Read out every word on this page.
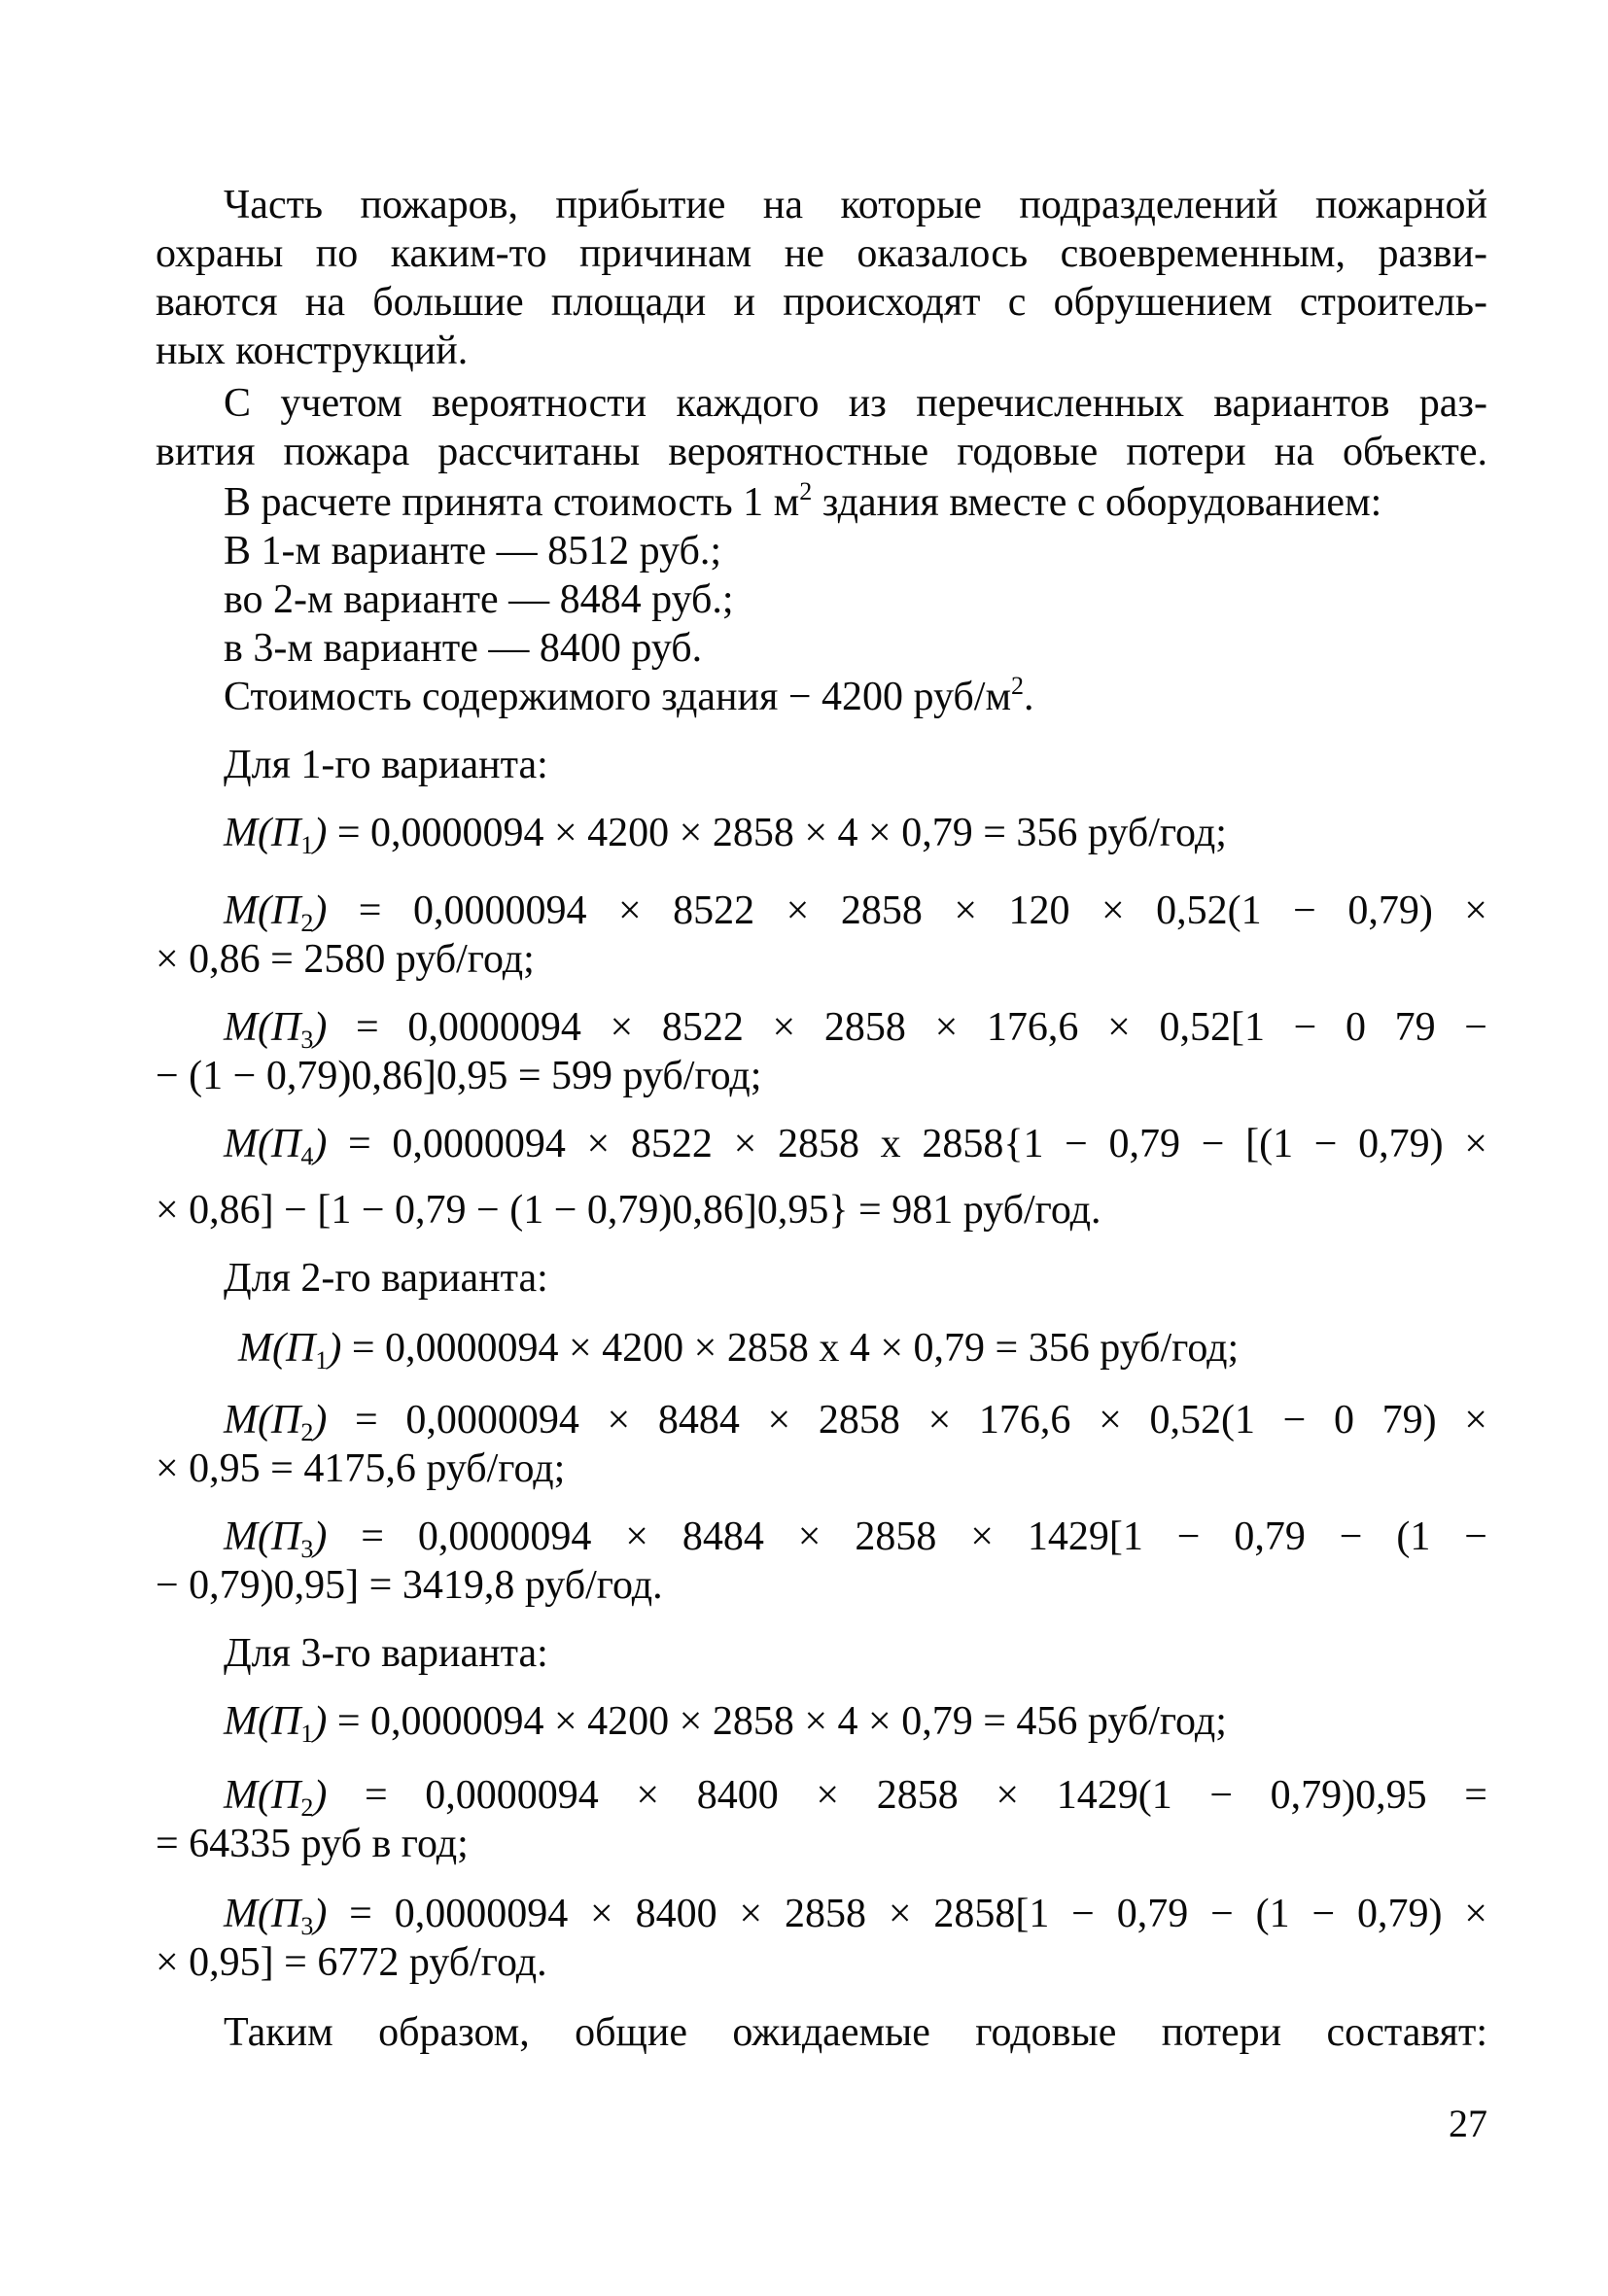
Часть пожаров, прибытие на которые подразделений пожарной
охраны по каким-то причинам не оказалось своевременным, разви-
ваются на большие площади и происходят с обрушением строитель-
ных конструкций.
С учетом вероятности каждого из перечисленных вариантов раз-
вития пожара рассчитаны вероятностные годовые потери на объекте.
В расчете принята стоимость 1 $м^2$ здания вместе с оборудованием:
В 1-м варианте — 8512 руб.;
во 2-м варианте — 8484 руб.;
в 3-м варианте — 8400 руб.
Стоимость содержимого здания − 4200 руб/$м^2$.
Для 1-го варианта:
$M(П_1) = 0,0000094 \times 4200 \times 2858 \times 4 \times 0,79 = 356$ руб/год;
$M(П_2) = 0,0000094 \times 8522 \times 2858 \times 120 \times 0,52(1 - 0,79)$ ×
× 0,86 = 2580 руб/год;
$M(П_3) = 0,0000094 \times 8522 \times 2858 \times 176,6 \times 0,52[1 - 0$ 79 −
− (1 − 0,79)0,86]0,95 = 599 руб/год;
$M(П_4) = 0,0000094 \times 8522 \times 2858$ x 2858{1 − 0,79 − [(1 − 0,79) ×
× 0,86] − [1 − 0,79 − (1 − 0,79)0,86]0,95} = 981 руб/год.
Для 2-го варианта:
$M(П_1) = 0,0000094 \times 4200 \times 2858$ x 4 × 0,79 = 356 руб/год;
$M(П_2) = 0,0000094 \times 8484 \times 2858 \times 176,6 \times 0,52(1 - 0$ 79) ×
× 0,95 = 4175,6 руб/год;
$M(П_3) = 0,0000094 \times 8484 \times 2858 \times 1429[1 - 0,79 - (1$ −
− 0,79)0,95] = 3419,8 руб/год.
Для 3-го варианта:
$M(П_1) = 0,0000094 \times 4200 \times 2858 \times 4 \times 0,79 = 456$ руб/год;
$M(П_2) = 0,0000094 \times 8400 \times 2858 \times 1429(1 - 0,79)0,95$ =
= 64335 руб в год;
$M(П_3) = 0,0000094 \times 8400 \times 2858 \times 2858[1 - 0,79 - (1 - 0,79)$ ×
× 0,95] = 6772 руб/год.
Таким образом, общие ожидаемые годовые потери составят:
27
